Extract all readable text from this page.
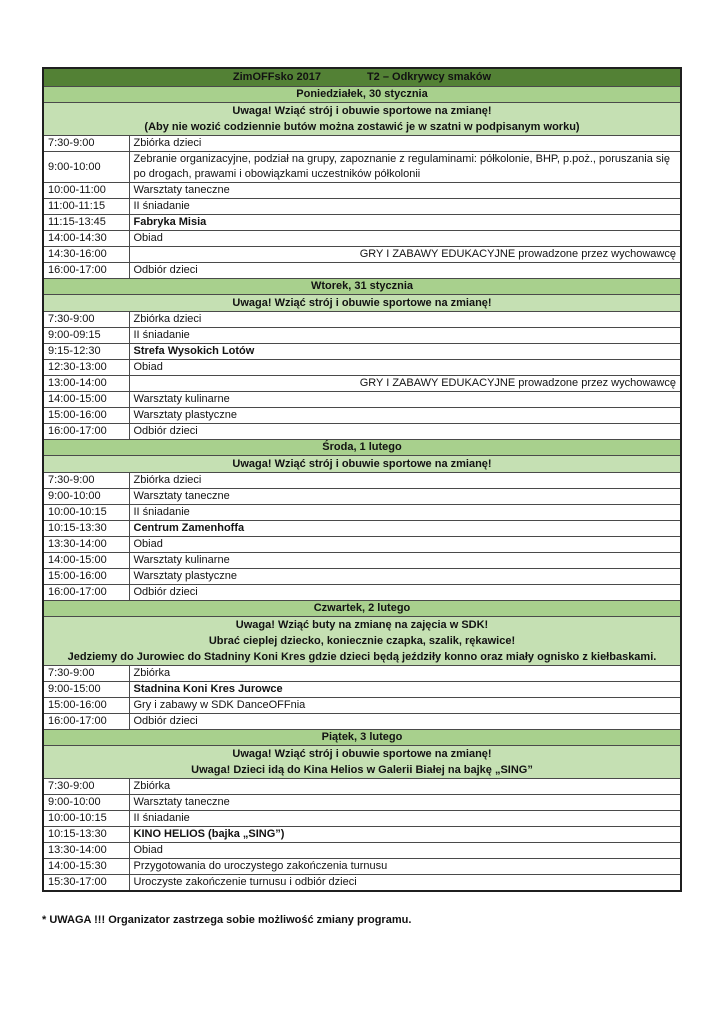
ZimOFFsko 2017 T2 – Odkrywcy smaków	
Poniedziałek, 30 stycznia	

Uwaga! Wziąć strój i obuwie sportowe na zmianę!
(Aby nie wozić codziennie butów można zostawić je w szatni w podpisanym worku)	

7:30-9:00	Zbiórka dzieci
9:00-10:00	Zebranie organizacyjne, podział na grupy, zapoznanie z regulaminami: półkolonie, BHP, p.poż., poruszania się po drogach, prawami i obowiązkami uczestników półkolonii
10:00-11:00	Warsztaty taneczne
11:00-11:15	II śniadanie
11:15-13:45	Fabryka Misia
14:00-14:30	Obiad
14:30-16:00	GRY I ZABAWY EDUKACYJNE prowadzone przez wychowawcę
16:00-17:00	Odbiór dzieci
Wtorek, 31 stycznia	

Uwaga! Wziąć strój i obuwie sportowe na zmianę!	

7:30-9:00	Zbiórka dzieci
9:00-09:15	II śniadanie
9:15-12:30	Strefa Wysokich Lotów
12:30-13:00	Obiad
13:00-14:00	GRY I ZABAWY EDUKACYJNE prowadzone przez wychowawcę
14:00-15:00	Warsztaty kulinarne
15:00-16:00	Warsztaty plastyczne
16:00-17:00	Odbiór dzieci
Środa, 1 lutego	

Uwaga! Wziąć strój i obuwie sportowe na zmianę!	

7:30-9:00	Zbiórka dzieci
9:00-10:00	Warsztaty taneczne
10:00-10:15	II śniadanie
10:15-13:30	Centrum Zamenhoffa
13:30-14:00	Obiad
14:00-15:00	Warsztaty kulinarne
15:00-16:00	Warsztaty plastyczne
16:00-17:00	Odbiór dzieci
Czwartek, 2 lutego	

Uwaga! Wziąć buty na zmianę na zajęcia w SDK!
Ubrać cieplej dziecko, koniecznie czapka, szalik, rękawice!
Jedziemy do Jurowiec do Stadniny Koni Kres gdzie dzieci będą jeździły konno oraz miały ognisko z kiełbaskami.	

7:30-9:00	Zbiórka
9:00-15:00	Stadnina Koni Kres Jurowce
15:00-16:00	Gry i zabawy w SDK DanceOFFnia
16:00-17:00	Odbiór dzieci
Piątek, 3 lutego	

Uwaga! Wziąć strój i obuwie sportowe na zmianę!
Uwaga! Dzieci idą do Kina Helios w Galerii Białej na bajkę „SING”	

7:30-9:00	Zbiórka
9:00-10:00	Warsztaty taneczne
10:00-10:15	II śniadanie
10:15-13:30	KINO HELIOS (bajka „SING”)
13:30-14:00	Obiad
14:00-15:30	Przygotowania do uroczystego zakończenia turnusu
15:30-17:00	Uroczyste zakończenie turnusu i odbiór dzieci
* UWAGA !!! Organizator zastrzega sobie możliwość zmiany programu.
